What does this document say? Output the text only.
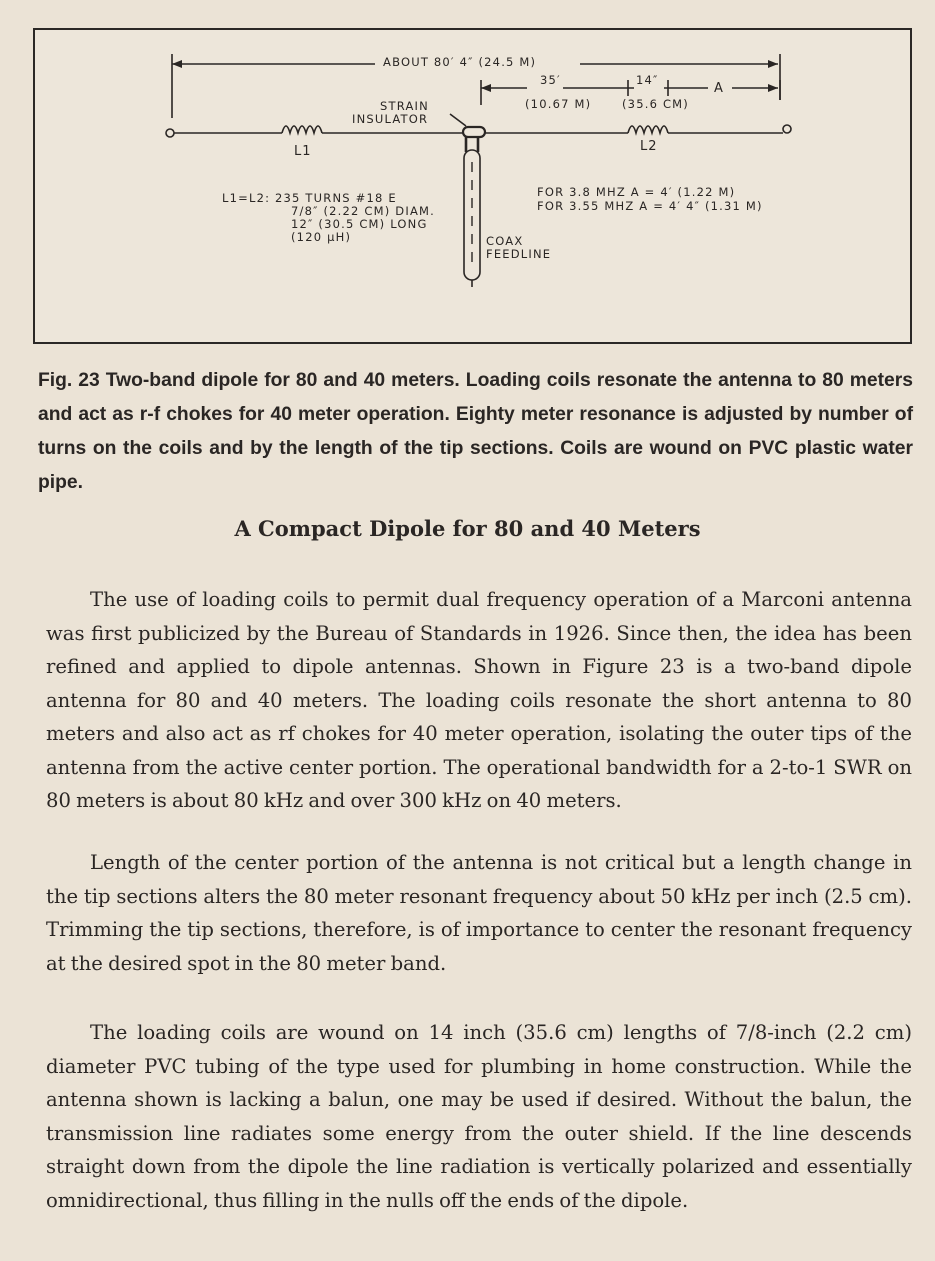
ABOUT 80′ 4″ (24.5 M)
35′
(10.67 M)
14″
(35.6 CM)
A
L1	L2
STRAIN
INSULATOR
COAX
FEEDLINE
L1=L2: 235 TURNS #18 E
7/8″ (2.22 CM) DIAM.
12″ (30.5 CM) LONG
(120 μH)
FOR 3.8 MHZ A = 4′ (1.22 M)
FOR 3.55 MHZ A = 4′ 4″ (1.31 M)

Fig. 23 Two-band dipole for 80 and 40 meters. Loading coils resonate the antenna to 80 meters and act as r-f chokes for 40 meter operation. Eighty meter resonance is adjusted by number of turns on the coils and by the length of the tip sections. Coils are wound on PVC plastic water pipe.

A Compact Dipole for 80 and 40 Meters

The use of loading coils to permit dual frequency operation of a Marconi antenna was first publicized by the Bureau of Standards in 1926. Since then, the idea has been refined and applied to dipole antennas. Shown in Figure 23 is a two-band dipole antenna for 80 and 40 meters. The loading coils resonate the short antenna to 80 meters and also act as rf chokes for 40 meter operation, isolating the outer tips of the antenna from the active center portion. The operational bandwidth for a 2-to-1 SWR on 80 meters is about 80 kHz and over 300 kHz on 40 meters.

Length of the center portion of the antenna is not critical but a length change in the tip sections alters the 80 meter resonant frequency about 50 kHz per inch (2.5 cm). Trimming the tip sections, therefore, is of importance to center the resonant frequency at the desired spot in the 80 meter band.

The loading coils are wound on 14 inch (35.6 cm) lengths of 7/8-inch (2.2 cm) diameter PVC tubing of the type used for plumbing in home construction. While the antenna shown is lacking a balun, one may be used if desired. Without the balun, the transmission line radiates some energy from the outer shield. If the line descends straight down from the dipole the line radiation is vertically polarized and essentially omnidirectional, thus filling in the nulls off the ends of the dipole.
